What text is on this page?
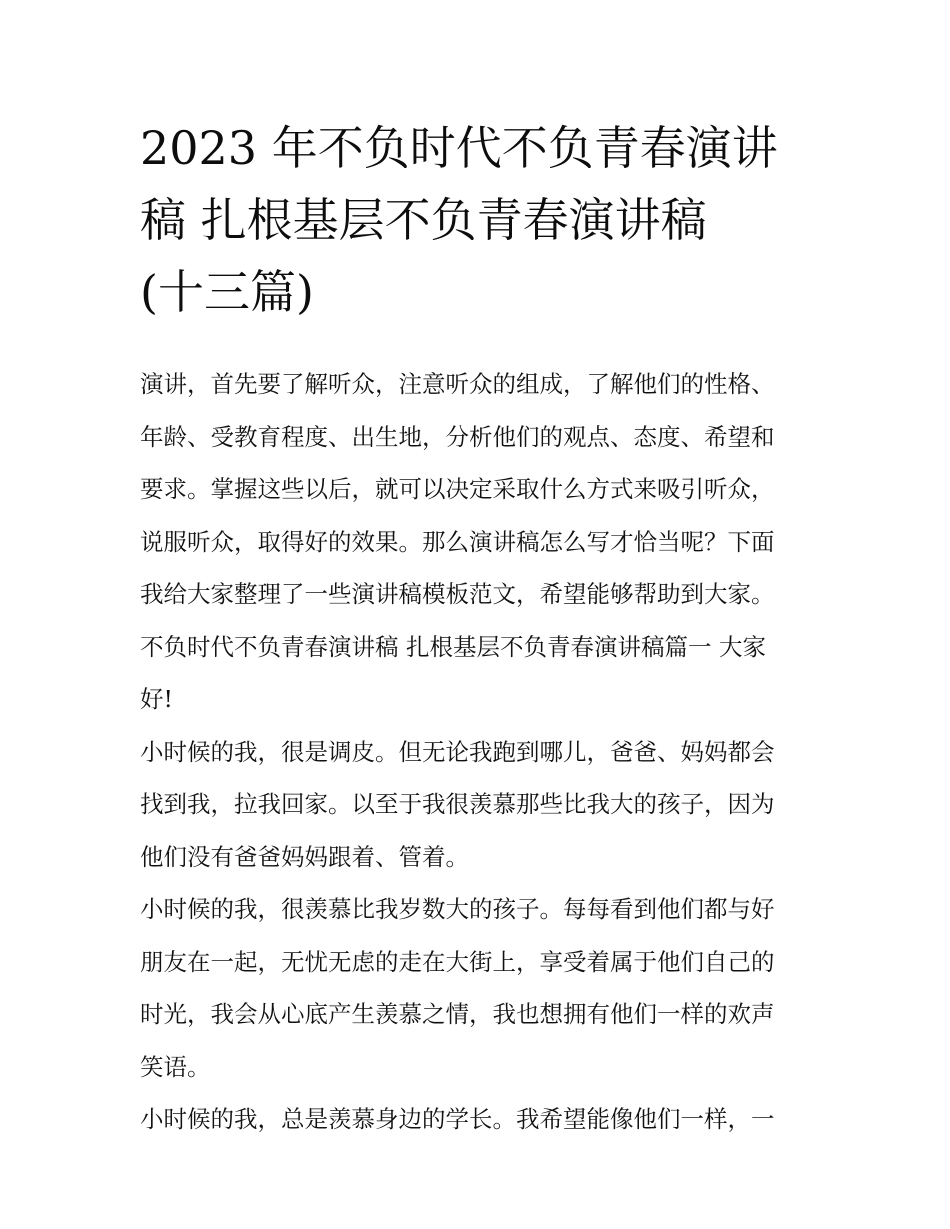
2023 年不负时代不负青春演讲
稿 扎根基层不负青春演讲稿
(十三篇)

演讲，首先要了解听众，注意听众的组成，了解他们的性格、
年龄、受教育程度、出生地，分析他们的观点、态度、希望和
要求。掌握这些以后，就可以决定采取什么方式来吸引听众，
说服听众，取得好的效果。那么演讲稿怎么写才恰当呢？下面
我给大家整理了一些演讲稿模板范文，希望能够帮助到大家。

不负时代不负青春演讲稿 扎根基层不负青春演讲稿篇一 大家
好!

小时候的我，很是调皮。但无论我跑到哪儿，爸爸、妈妈都会
找到我，拉我回家。以至于我很羡慕那些比我大的孩子，因为
他们没有爸爸妈妈跟着、管着。

小时候的我，很羡慕比我岁数大的孩子。每每看到他们都与好
朋友在一起，无忧无虑的走在大街上，享受着属于他们自己的
时光，我会从心底产生羡慕之情，我也想拥有他们一样的欢声
笑语。

小时候的我，总是羡慕身边的学长。我希望能像他们一样，一
